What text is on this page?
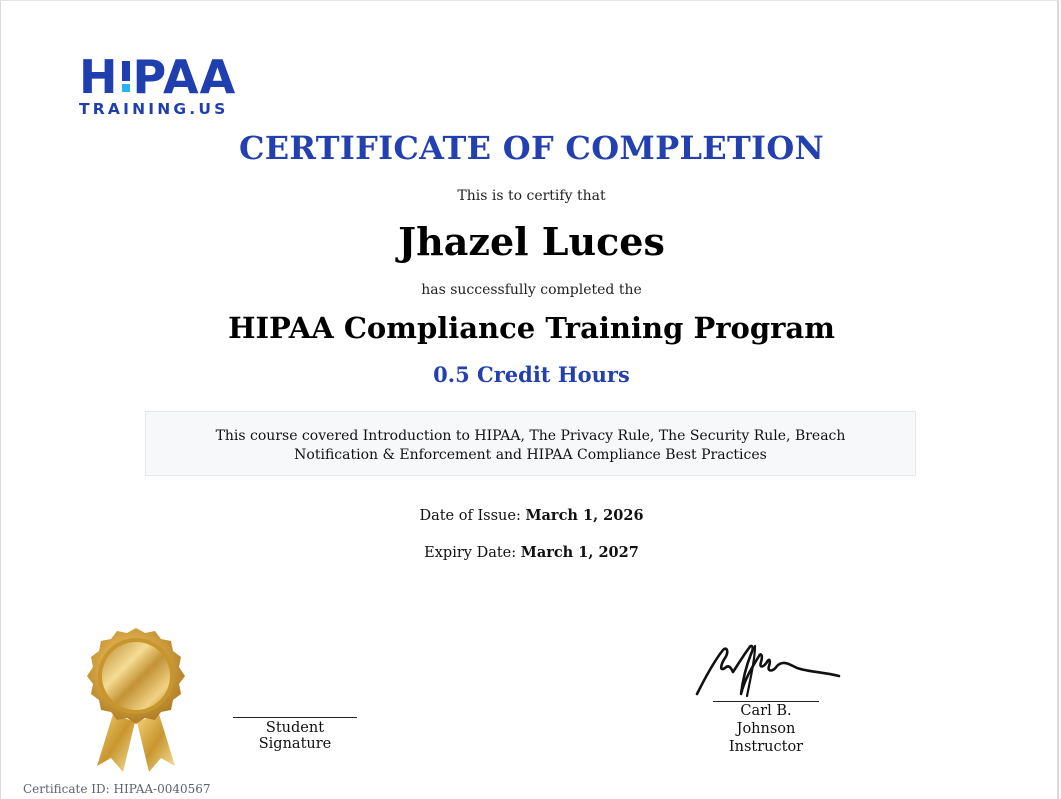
H PAA
TRAINING.US
CERTIFICATE OF COMPLETION
This is to certify that
Jhazel Luces
has successfully completed the
HIPAA Compliance Training Program
0.5 Credit Hours
This course covered Introduction to HIPAA, The Privacy Rule, The Security Rule, Breach Notification & Enforcement and HIPAA Compliance Best Practices
Date of Issue: March 1, 2026
Expiry Date: March 1, 2027
Student Signature
Carl B. Johnson
Instructor
Certificate ID: HIPAA-0040567
